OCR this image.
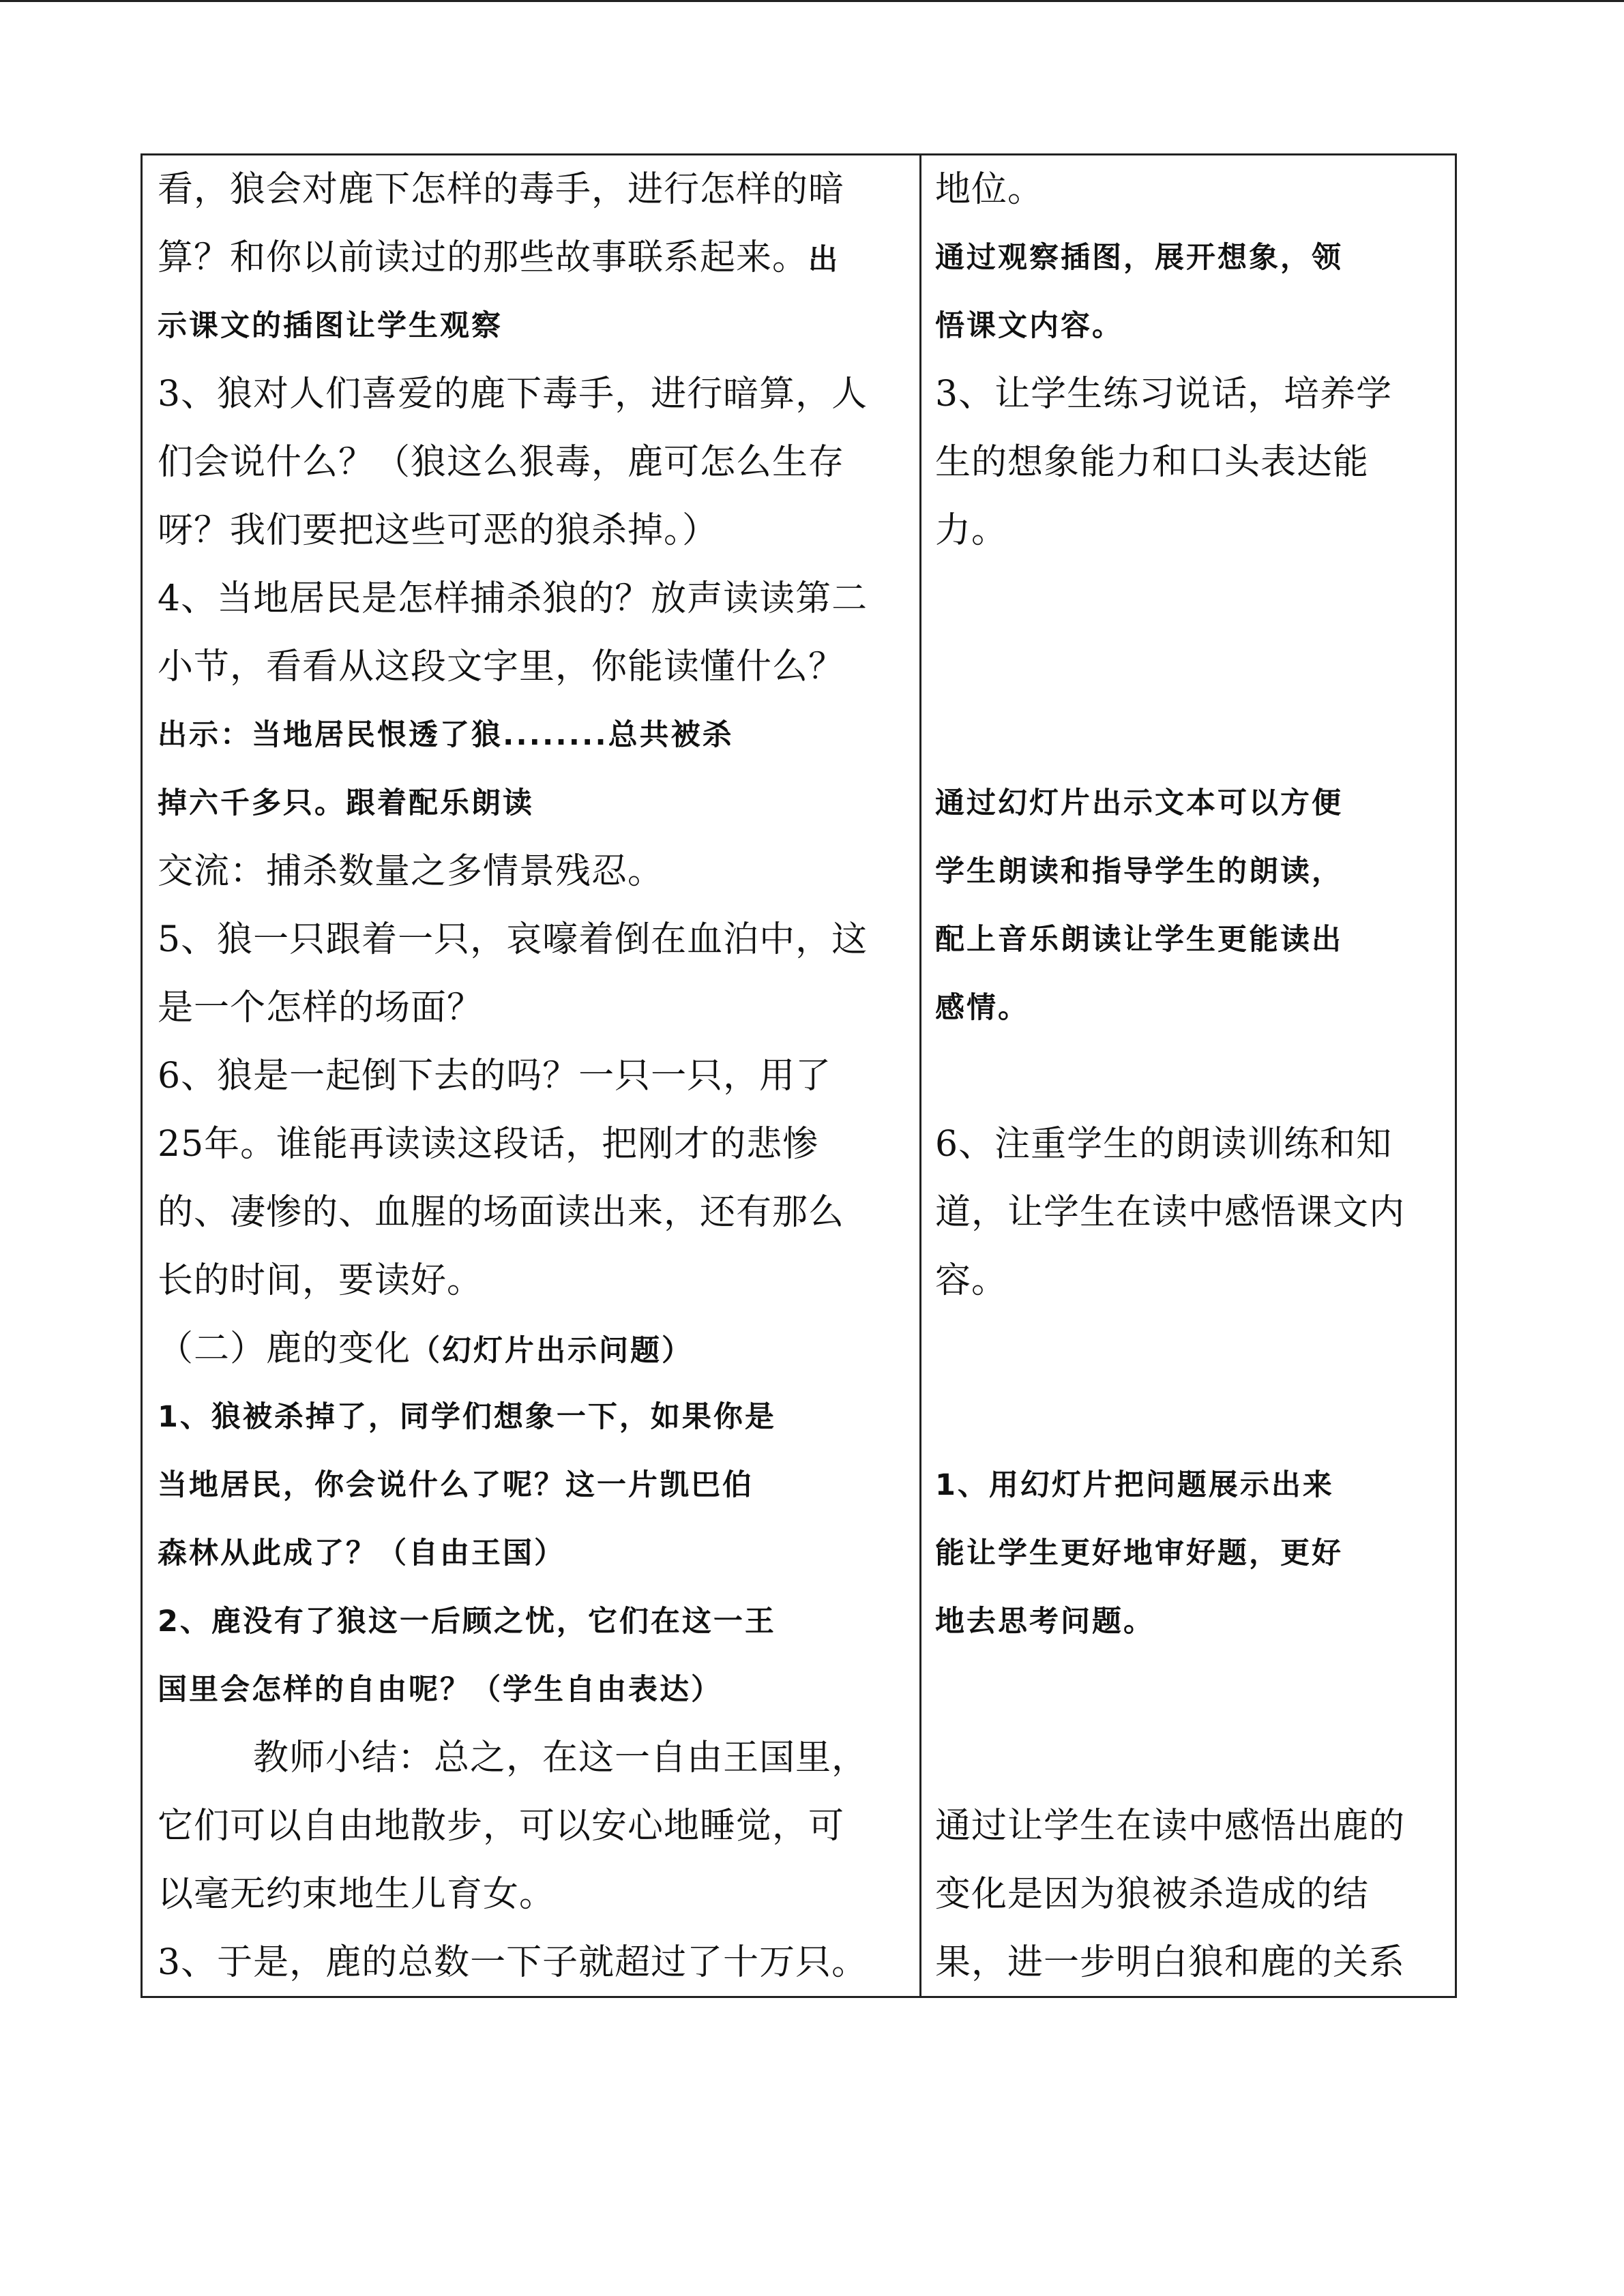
看，狼会对鹿下怎样的毒手，进行怎样的暗
算？和你以前读过的那些故事联系起来。出
示课文的插图让学生观察
3、狼对人们喜爱的鹿下毒手，进行暗算，人
们会说什么？（狼这么狠毒，鹿可怎么生存
呀？我们要把这些可恶的狼杀掉。）
4、当地居民是怎样捕杀狼的？放声读读第二
小节，看看从这段文字里，你能读懂什么？
出示：当地居民恨透了狼........总共被杀
掉六千多只。跟着配乐朗读
交流：捕杀数量之多情景残忍。
5、狼一只跟着一只，哀嚎着倒在血泊中，这
是一个怎样的场面？
6、狼是一起倒下去的吗？一只一只，用了
25年。谁能再读读这段话，把刚才的悲惨
的、凄惨的、血腥的场面读出来，还有那么
长的时间，要读好。
（二）鹿的变化（幻灯片出示问题）
1、狼被杀掉了，同学们想象一下，如果你是
当地居民，你会说什么了呢？这一片凯巴伯
森林从此成了？（自由王国）
2、鹿没有了狼这一后顾之忧，它们在这一王
国里会怎样的自由呢？（学生自由表达）
教师小结：总之，在这一自由王国里，
它们可以自由地散步，可以安心地睡觉，可
以毫无约束地生儿育女。
3、于是，鹿的总数一下子就超过了十万只。
地位。
通过观察插图，展开想象，领
悟课文内容。
3、让学生练习说话，培养学
生的想象能力和口头表达能
力。
通过幻灯片出示文本可以方便
学生朗读和指导学生的朗读，
配上音乐朗读让学生更能读出
感情。
6、注重学生的朗读训练和知
道，让学生在读中感悟课文内
容。
1、用幻灯片把问题展示出来
能让学生更好地审好题，更好
地去思考问题。
通过让学生在读中感悟出鹿的
变化是因为狼被杀造成的结
果，进一步明白狼和鹿的关系
